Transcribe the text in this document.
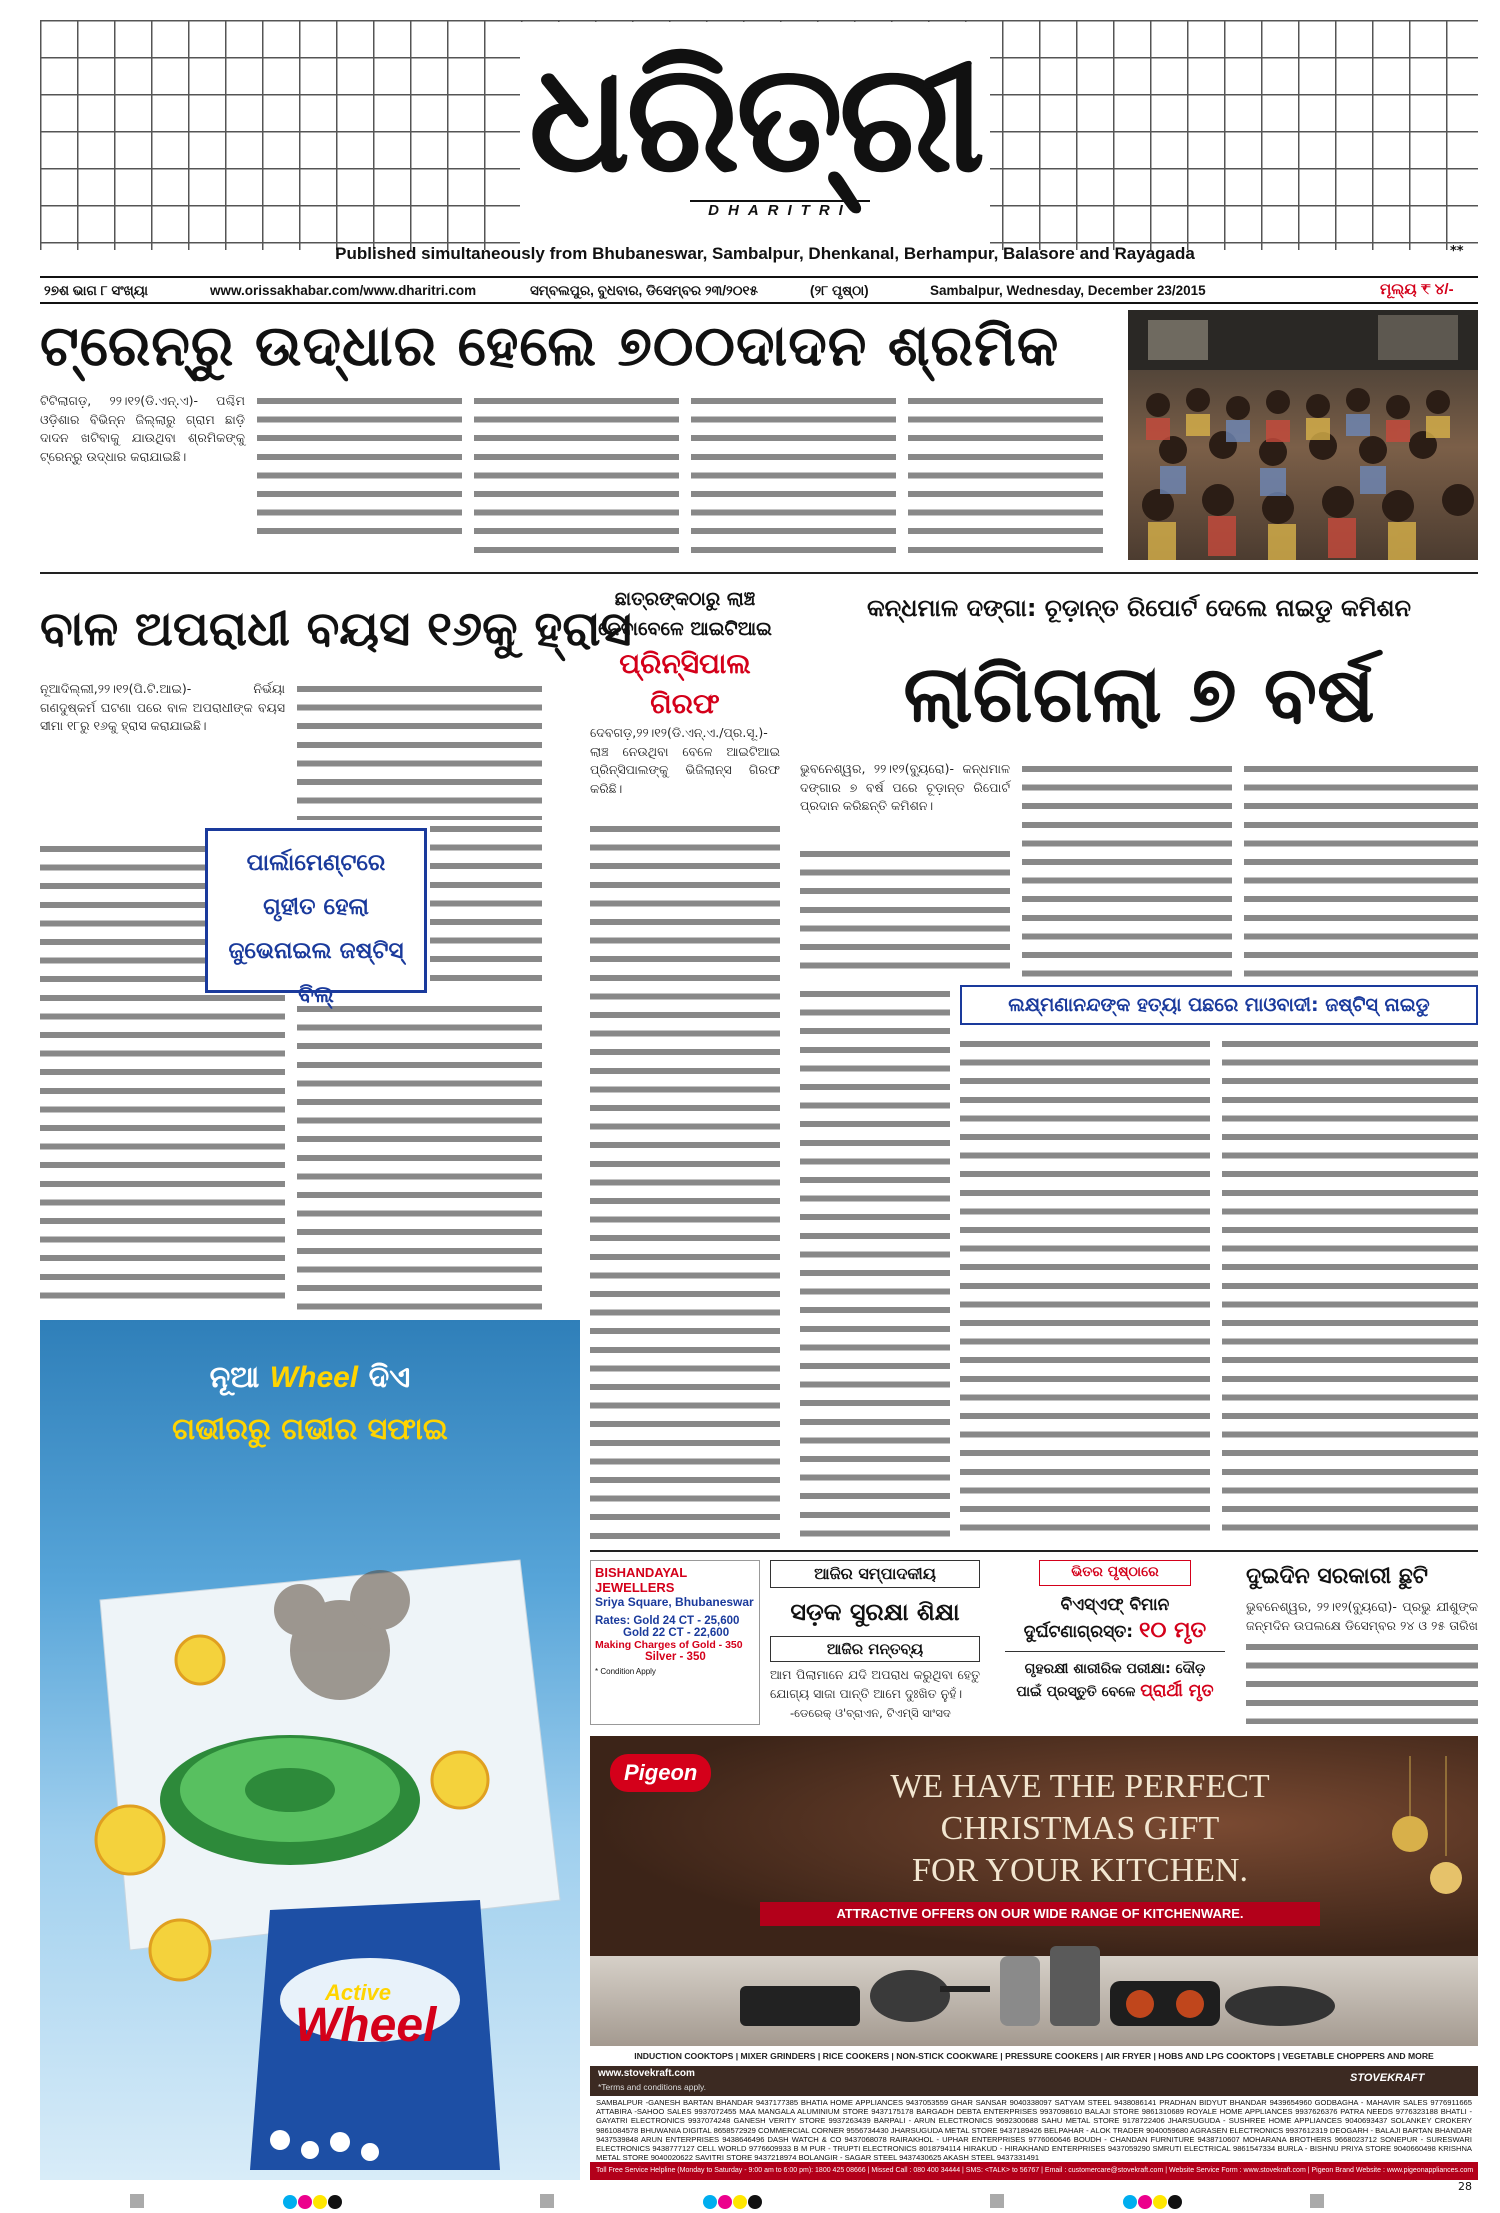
ଧରିତ୍ରୀ
DHARITRI
Published simultaneously from Bhubaneswar, Sambalpur, Dhenkanal, Berhampur, Balasore and Rayagada	**
୨୭ଶ ଭାଗ ୮ ସଂଖ୍ୟା	www.orissakhabar.com/www.dharitri.com	ସମ୍ବଲପୁର, ବୁଧବାର, ଡିସେମ୍ବର ୨୩/୨୦୧୫	(୨୮ ପୃଷ୍ଠା)	Sambalpur, Wednesday, December 23/2015	ମୂଲ୍ୟ ₹ ୪/-
ଟ୍ରେନ୍‌ରୁ ଉଦ୍ଧାର ହେଲେ ୭୦୦ଦାଦନ ଶ୍ରମିକ
ଟିଟିଲାଗଡ଼, ୨୨।୧୨(ଡି.ଏନ୍‌.ଏ)- ପଶ୍ଚିମ ଓଡ଼ିଶାର ବିଭିନ୍ନ ଜିଲ୍ଲାରୁ ଗ୍ରାମ ଛାଡ଼ି ଦାଦନ ଖଟିବାକୁ ଯାଉଥିବା ଶ୍ରମିକଙ୍କୁ ଟ୍ରେନ୍‌ରୁ ଉଦ୍ଧାର କରାଯାଇଛି।
ବାଳ ଅପରାଧୀ ବୟସ ୧୬କୁ ହ୍ରାସ
ନୂଆଦିଲ୍ଲୀ,୨୨।୧୨(ପି.ଟି.ଆଇ)- ନିର୍ଭୟା ଗଣଦୁଷ୍କର୍ମ ଘଟଣା ପରେ ବାଳ ଅପରାଧୀଙ୍କ ବୟସ ସୀମା ୧୮ରୁ ୧୬କୁ ହ୍ରାସ କରାଯାଇଛି।
ପାର୍ଲାମେଣ୍ଟରେ ଗୃହୀତ ହେଲା ଜୁଭେନାଇଲ ଜଷ୍ଟିସ୍ ବିଲ୍
ଛାତ୍ରଙ୍କଠାରୁ ଲାଞ୍ଚ ନେବାବେଳେ ଆଇଟିଆଇ
ପ୍ରିନ୍ସିପାଲ ଗିରଫ
ଦେବଗଡ଼,୨୨।୧୨(ଡି.ଏନ୍‌.ଏ./ପ୍ର.ସୂ.)- ଲାଞ୍ଚ ନେଉଥିବା ବେଳେ ଆଇଟିଆଇ ପ୍ରିନ୍ସିପାଲଙ୍କୁ ଭିଜିଲାନ୍ସ ଗିରଫ କରିଛି।
କନ୍ଧମାଳ ଦଙ୍ଗା: ଚୂଡ଼ାନ୍ତ ରିପୋର୍ଟ ଦେଲେ ନାଇଡୁ କମିଶନ
ଲାଗିଗଲା ୭ ବର୍ଷ
ଭୁବନେଶ୍ୱର, ୨୨।୧୨(ବ୍ୟୁରୋ)- କନ୍ଧମାଳ ଦଙ୍ଗାର ୭ ବର୍ଷ ପରେ ଚୂଡ଼ାନ୍ତ ରିପୋର୍ଟ ପ୍ରଦାନ କରିଛନ୍ତି କମିଶନ।
ଲକ୍ଷ୍ମଣାନନ୍ଦଙ୍କ ହତ୍ୟା ପଛରେ ମାଓବାଦୀ: ଜଷ୍ଟିସ୍ ନାଇଡୁ
ଆଜିର ସମ୍ପାଦକୀୟ
ସଡ଼କ ସୁରକ୍ଷା ଶିକ୍ଷା
ଆଜିର ମନ୍ତବ୍ୟ
ଆମ ପିଲାମାନେ ଯଦି ଅପରାଧ କରୁଥିବା ହେତୁ ଯୋଗ୍ୟ ସାଜା ପାନ୍ତି ଆମେ ଦୁଃଖିତ ନୁହଁ।
-ଡେରେକ୍ ଓ'ବ୍ରାଏନ, ଟିଏମ୍‌ସି ସାଂସଦ
ଭିତର ପୃଷ୍ଠାରେ
ବିଏସ୍ଏଫ୍ ବିମାନ
ଦୁର୍ଘଟଣାଗ୍ରସ୍ତ: ୧୦ ମୃତ
ଗୃହରକ୍ଷୀ ଶାରୀରିକ ପରୀକ୍ଷା: ଦୌଡ଼
ପାଇଁ ପ୍ରସ୍ତୁତି ବେଳେ ପ୍ରାର୍ଥୀ ମୃତ
ଦୁଇଦିନ ସରକାରୀ ଛୁଟି
ଭୁବନେଶ୍ୱର, ୨୨।୧୨(ବ୍ୟୁରୋ)- ପ୍ରଭୁ ଯୀଶୁଙ୍କ ଜନ୍ମଦିନ ଉପଲକ୍ଷେ ଡିସେମ୍ବର ୨୪ ଓ ୨୫ ତାରିଖ
BISHANDAYAL JEWELLERS
Sriya Square, Bhubaneswar
Rates: Gold 24 CT - 25,600
Gold 22 CT - 22,600
Making Charges of Gold - 350
Silver - 350
* Condition Apply
ନୂଆ Wheel ଦିଏ
ଗଭୀରରୁ ଗଭୀର ସଫାଇ
Active
Wheel
Pigeon	WE HAVE THE PERFECT
CHRISTMAS GIFT
FOR YOUR KITCHEN.
ATTRACTIVE OFFERS ON OUR WIDE RANGE OF KITCHENWARE.
INDUCTION COOKTOPS | MIXER GRINDERS | RICE COOKERS | NON-STICK COOKWARE | PRESSURE COOKERS | AIR FRYER | HOBS AND LPG COOKTOPS | VEGETABLE CHOPPERS AND MORE
www.stovekraft.com
*Terms and conditions apply.
STOVEKRAFT
SAMBALPUR -GANESH BARTAN BHANDAR 9437177385 BHATIA HOME APPLIANCES 9437053559 GHAR SANSAR 9040338097 SATYAM STEEL 9438086141 PRADHAN BIDYUT BHANDAR 9439654960 GODBAGHA - MAHAVIR SALES 9776911665 ATTABIRA -SAHOO SALES 9937072455 MAA MANGALA ALUMINIUM STORE 9437175178 BARGADH DEBTA ENTERPRISES 9937098610 BALAJI STORE 9861310689 ROYALE HOME APPLIANCES 9937626376 PATRA NEEDS 9776323188 BHATLI - GAYATRI ELECTRONICS 9937074248 GANESH VERITY STORE 9937263439 BARPALI - ARUN ELECTRONICS 9692300688 SAHU METAL STORE 9178722406 JHARSUGUDA - SUSHREE HOME APPLIANCES 9040693437 SOLANKEY CROKERY 9861084578 BHUWANIA DIGITAL 8658572929 COMMERCIAL CORNER 9556734430 JHARSUGUDA METAL STORE 9437189426 BELPAHAR - ALOK TRADER 9040059680 AGRASEN ELECTRONICS 9937612319 DEOGARH - BALAJI BARTAN BHANDAR 9437539848 ARUN ENTERPRISES 9438646496 DASH WATCH & CO 9437068078 RAIRAKHOL - UPHAR ENTERPRISES 9776060646 BOUDH - CHANDAN FURNITURE 9438710607 MOHARANA BROTHERS 9668023712 SONEPUR - SURESWARI ELECTRONICS 9438777127 CELL WORLD 9776609933 B M PUR - TRUPTI ELECTRONICS 8018794114 HIRAKUD - HIRAKHAND ENTERPRISES 9437059290 SMRUTI ELECTRICAL 9861547334 BURLA - BISHNU PRIYA STORE 9040660498 KRISHNA METAL STORE 9040020622 SAVITRI STORE 9437218974 BOLANGIR - SAGAR STEEL 9437430625 AKASH STEEL 9437331491
Toll Free Service Helpline (Monday to Saturday - 9:00 am to 6:00 pm): 1800 425 08666 | Missed Call : 080 400 34444 | SMS: <TALK> to 56767 | Email : customercare@stovekraft.com | Website Service Form : www.stovekraft.com | Pigeon Brand Website : www.pigeonappliances.com
28
